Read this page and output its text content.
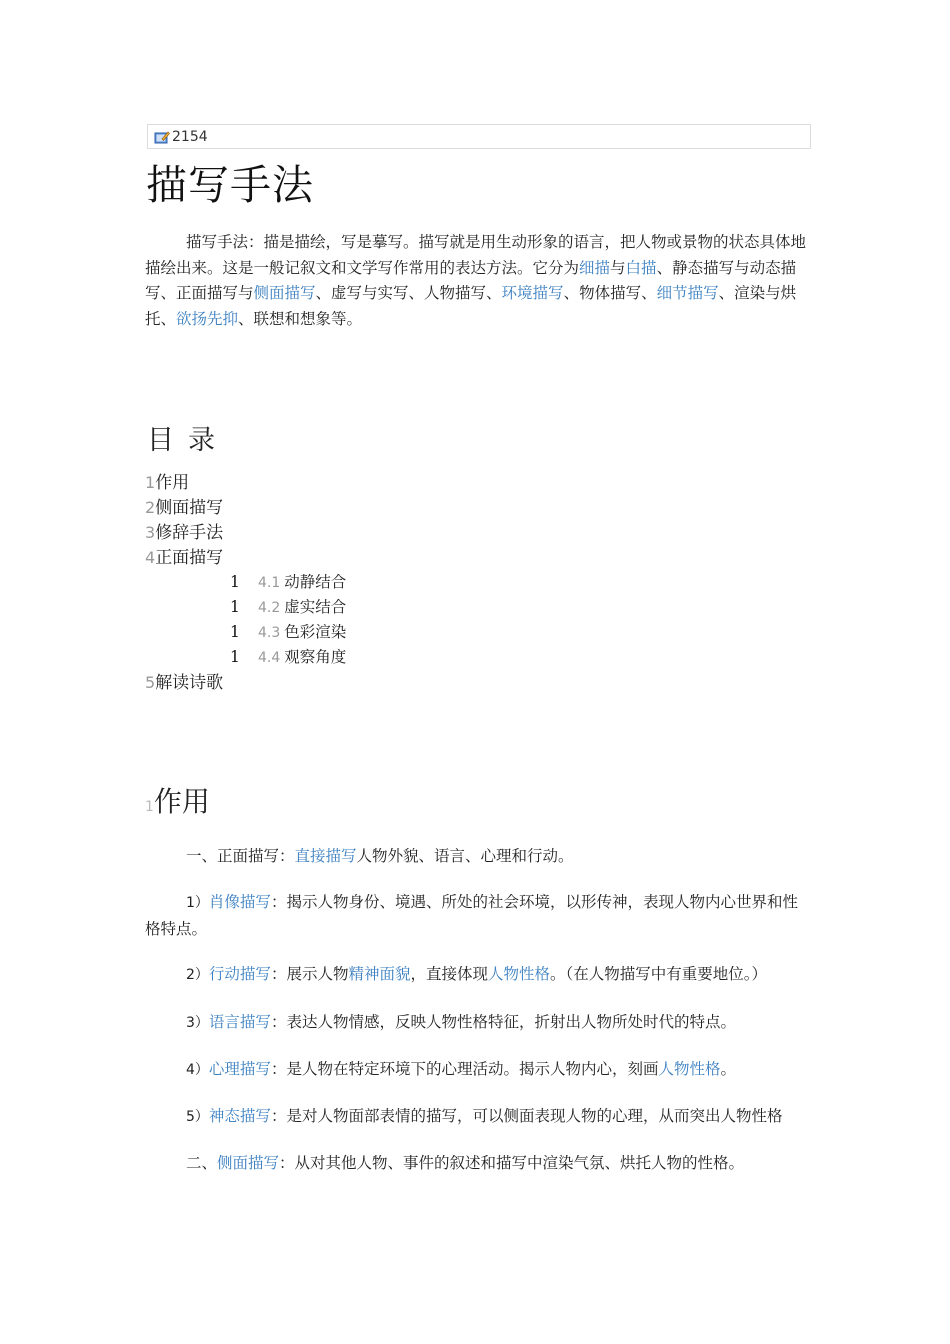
2154
描写手法

描写手法：描是描绘，写是摹写。描写就是用生动形象的语言，把人物或景物的状态具体地描绘出来。这是一般记叙文和文学写作常用的表达方法。它分为细描与白描、静态描写与动态描写、正面描写与侧面描写、虚写与实写、人物描写、环境描写、物体描写、细节描写、渲染与烘托、欲扬先抑、联想和想象等。

目录
1作用
2侧面描写
3修辞手法
4正面描写
1 4.1 动静结合
1 4.2 虚实结合
1 4.3 色彩渲染
1 4.4 观察角度
5解读诗歌
1作用

一、正面描写：直接描写人物外貌、语言、心理和行动。

1）肖像描写：揭示人物身份、境遇、所处的社会环境，以形传神，表现人物内心世界和性格特点。

2）行动描写：展示人物精神面貌，直接体现人物性格。（在人物描写中有重要地位。）

3）语言描写：表达人物情感，反映人物性格特征，折射出人物所处时代的特点。

4）心理描写：是人物在特定环境下的心理活动。揭示人物内心，刻画人物性格。

5）神态描写：是对人物面部表情的描写，可以侧面表现人物的心理，从而突出人物性格

二、侧面描写：从对其他人物、事件的叙述和描写中渲染气氛、烘托人物的性格。
